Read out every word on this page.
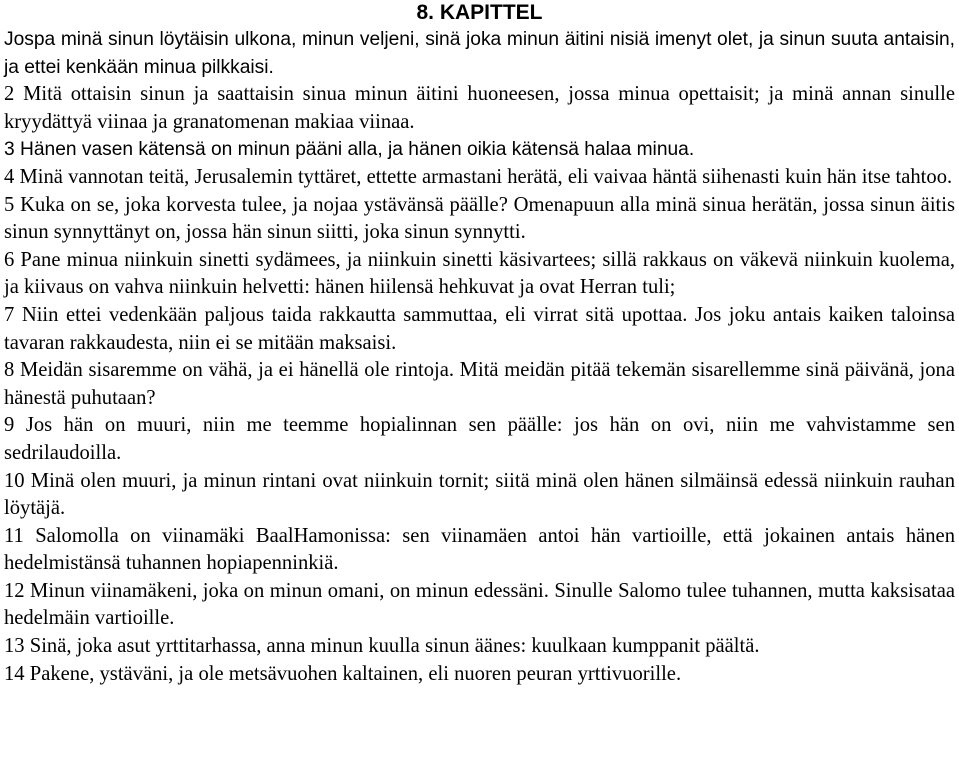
8. KAPITTEL

Jospa minä sinun löytäisin ulkona, minun veljeni, sinä joka minun äitini nisiä imenyt olet, ja sinun suuta antaisin, ja ettei kenkään minua pilkkaisi.

2 Mitä ottaisin sinun ja saattaisin sinua minun äitini huoneesen, jossa minua opettaisit; ja minä annan sinulle kryydättyä viinaa ja granatomenan makiaa viinaa.

3 Hänen vasen kätensä on minun pääni alla, ja hänen oikia kätensä halaa minua.

4 Minä vannotan teitä, Jerusalemin tyttäret, ettette armastani herätä, eli vaivaa häntä siihenasti kuin hän itse tahtoo.

5 Kuka on se, joka korvesta tulee, ja nojaa ystävänsä päälle? Omenapuun alla minä sinua herätän, jossa sinun äitis sinun synnyttänyt on, jossa hän sinun siitti, joka sinun synnytti.

6 Pane minua niinkuin sinetti sydämees, ja niinkuin sinetti käsivartees; sillä rakkaus on väkevä niinkuin kuolema, ja kiivaus on vahva niinkuin helvetti: hänen hiilensä hehkuvat ja ovat Herran tuli;

7 Niin ettei vedenkään paljous taida rakkautta sammuttaa, eli virrat sitä upottaa. Jos joku antais kaiken taloinsa tavaran rakkaudesta, niin ei se mitään maksaisi.

8 Meidän sisaremme on vähä, ja ei hänellä ole rintoja. Mitä meidän pitää tekemän sisarellemme sinä päivänä, jona hänestä puhutaan?

9 Jos hän on muuri, niin me teemme hopialinnan sen päälle: jos hän on ovi, niin me vahvistamme sen sedrilaudoilla.

10 Minä olen muuri, ja minun rintani ovat niinkuin tornit; siitä minä olen hänen silmäinsä edessä niinkuin rauhan löytäjä.

11 Salomolla on viinamäki BaalHamonissa: sen viinamäen antoi hän vartioille, että jokainen antais hänen hedelmistänsä tuhannen hopiapenninkiä.

12 Minun viinamäkeni, joka on minun omani, on minun edessäni. Sinulle Salomo tulee tuhannen, mutta kaksisataa hedelmäin vartioille.

13 Sinä, joka asut yrttitarhassa, anna minun kuulla sinun äänes: kuulkaan kumppanit päältä.

14 Pakene, ystäväni, ja ole metsävuohen kaltainen, eli nuoren peuran yrttivuorille.
